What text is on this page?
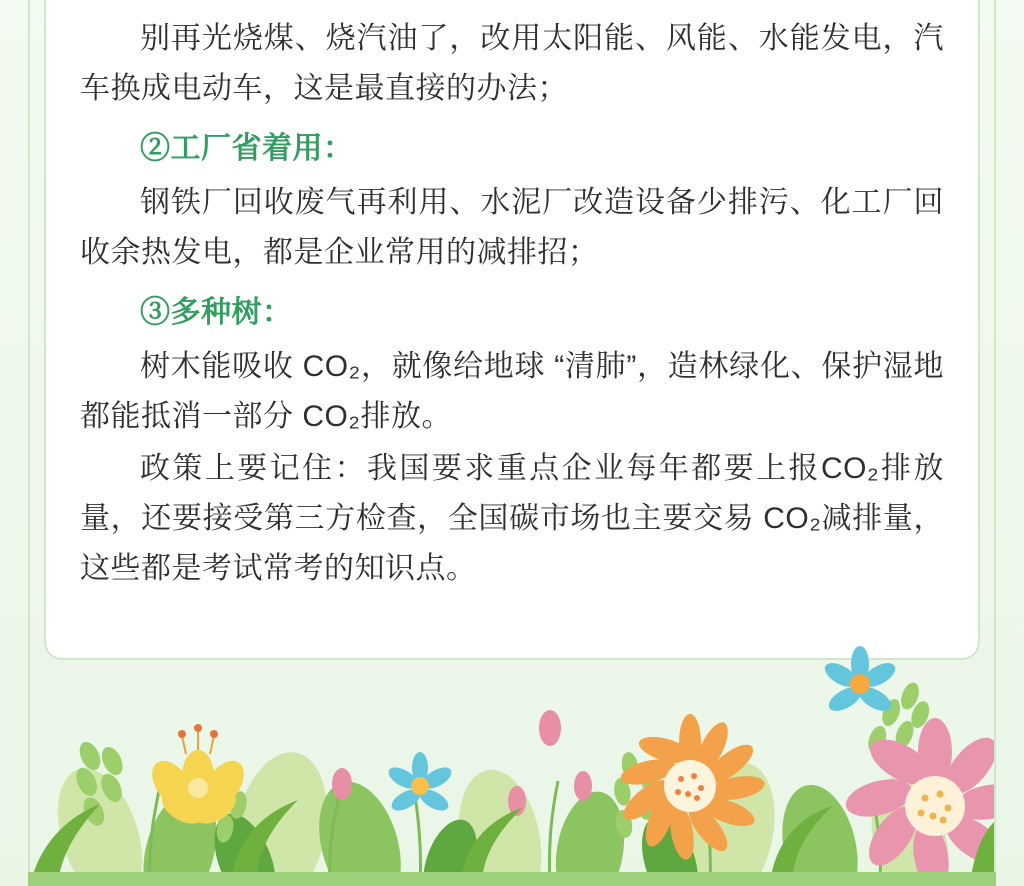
别再光烧煤、烧汽油了，改用太阳能、风能、水能发电，汽车换成电动车，这是最直接的办法；

②工厂省着用：

钢铁厂回收废气再利用、水泥厂改造设备少排污、化工厂回收余热发电，都是企业常用的减排招；

③多种树：

树木能吸收 CO₂，就像给地球 “清肺”，造林绿化、保护湿地都能抵消一部分 CO₂排放。

政策上要记住：我国要求重点企业每年都要上报CO₂排放量，还要接受第三方检查，全国碳市场也主要交易 CO₂减排量，这些都是考试常考的知识点。
